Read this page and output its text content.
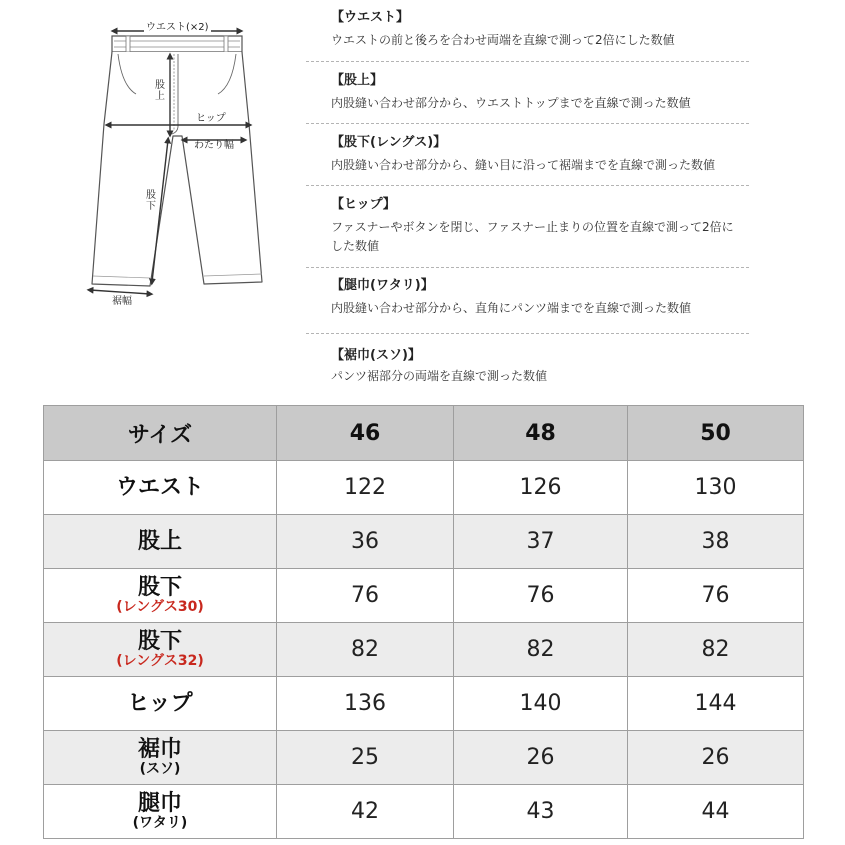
ウエスト(×2)
股上
ヒップ
わたり幅
股下
裾幅
【ウエスト】
ウエストの前と後ろを合わせ両端を直線で測って2倍にした数値
【股上】
内股縫い合わせ部分から、ウエストトップまでを直線で測った数値
【股下(レングス)】
内股縫い合わせ部分から、縫い目に沿って裾端までを直線で測った数値
【ヒップ】
ファスナーやボタンを閉じ、ファスナー止まりの位置を直線で測って2倍にした数値
【腿巾(ワタリ)】
内股縫い合わせ部分から、直角にパンツ端までを直線で測った数値
【裾巾(スソ)】
パンツ裾部分の両端を直線で測った数値
サイズ	46	48	50
ウエスト	122	126	130
股上	36	37	38
股下
(レングス30)	76	76	76
股下
(レングス32)	82	82	82
ヒップ	136	140	144
裾巾
(スソ)	25	26	26
腿巾
(ワタリ)	42	43	44
